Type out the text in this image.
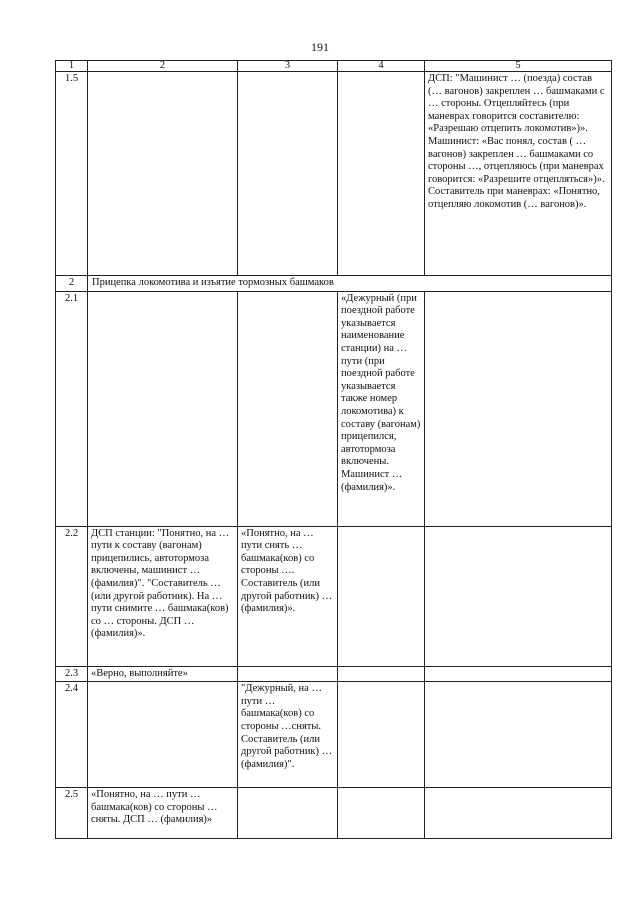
191
1	2	3	4	5
1.5				ДСП: "Машинист … (поезда) состав (… вагонов) закреплен … башмаками с … стороны. Отцепляйтесь (при маневрах говорится составителю: «Разрешаю отцепить локомотив»)». Машинист: «Вас понял, состав ( …вагонов) закреплен … башмаками со стороны …, отцепляюсь (при маневрах говорится: «Разрешите отцепляться»)». Составитель при маневрах: «Понятно, отцепляю локомотив (… вагонов)».
2	Прицепка локомотива и изъятие тормозных башмаков			
2.1			«Дежурный (при поездной работе указывается наименование станции) на … пути (при поездной работе указывается также номер локомотива) к составу (вагонам) прицепился, автотормоза включены. Машинист … (фамилия)».	
2.2	ДСП станции: "Понятно, на … пути к составу (вагонам) прицепились, автотормоза включены, машинист … (фамилия)". "Составитель … (или другой работник). На … пути снимите … башмака(ков) со … стороны. ДСП … (фамилия)».	«Понятно, на … пути снять … башмака(ков) со стороны …. Составитель (или другой работник) … (фамилия)».		
2.3	«Верно, выполняйте»			
2.4		"Дежурный, на … пути … башмака(ков) со стороны …сняты. Составитель (или другой работник) … (фамилия)".		
2.5	«Понятно, на … пути … башмака(ков) со стороны … сняты. ДСП … (фамилия)»			
